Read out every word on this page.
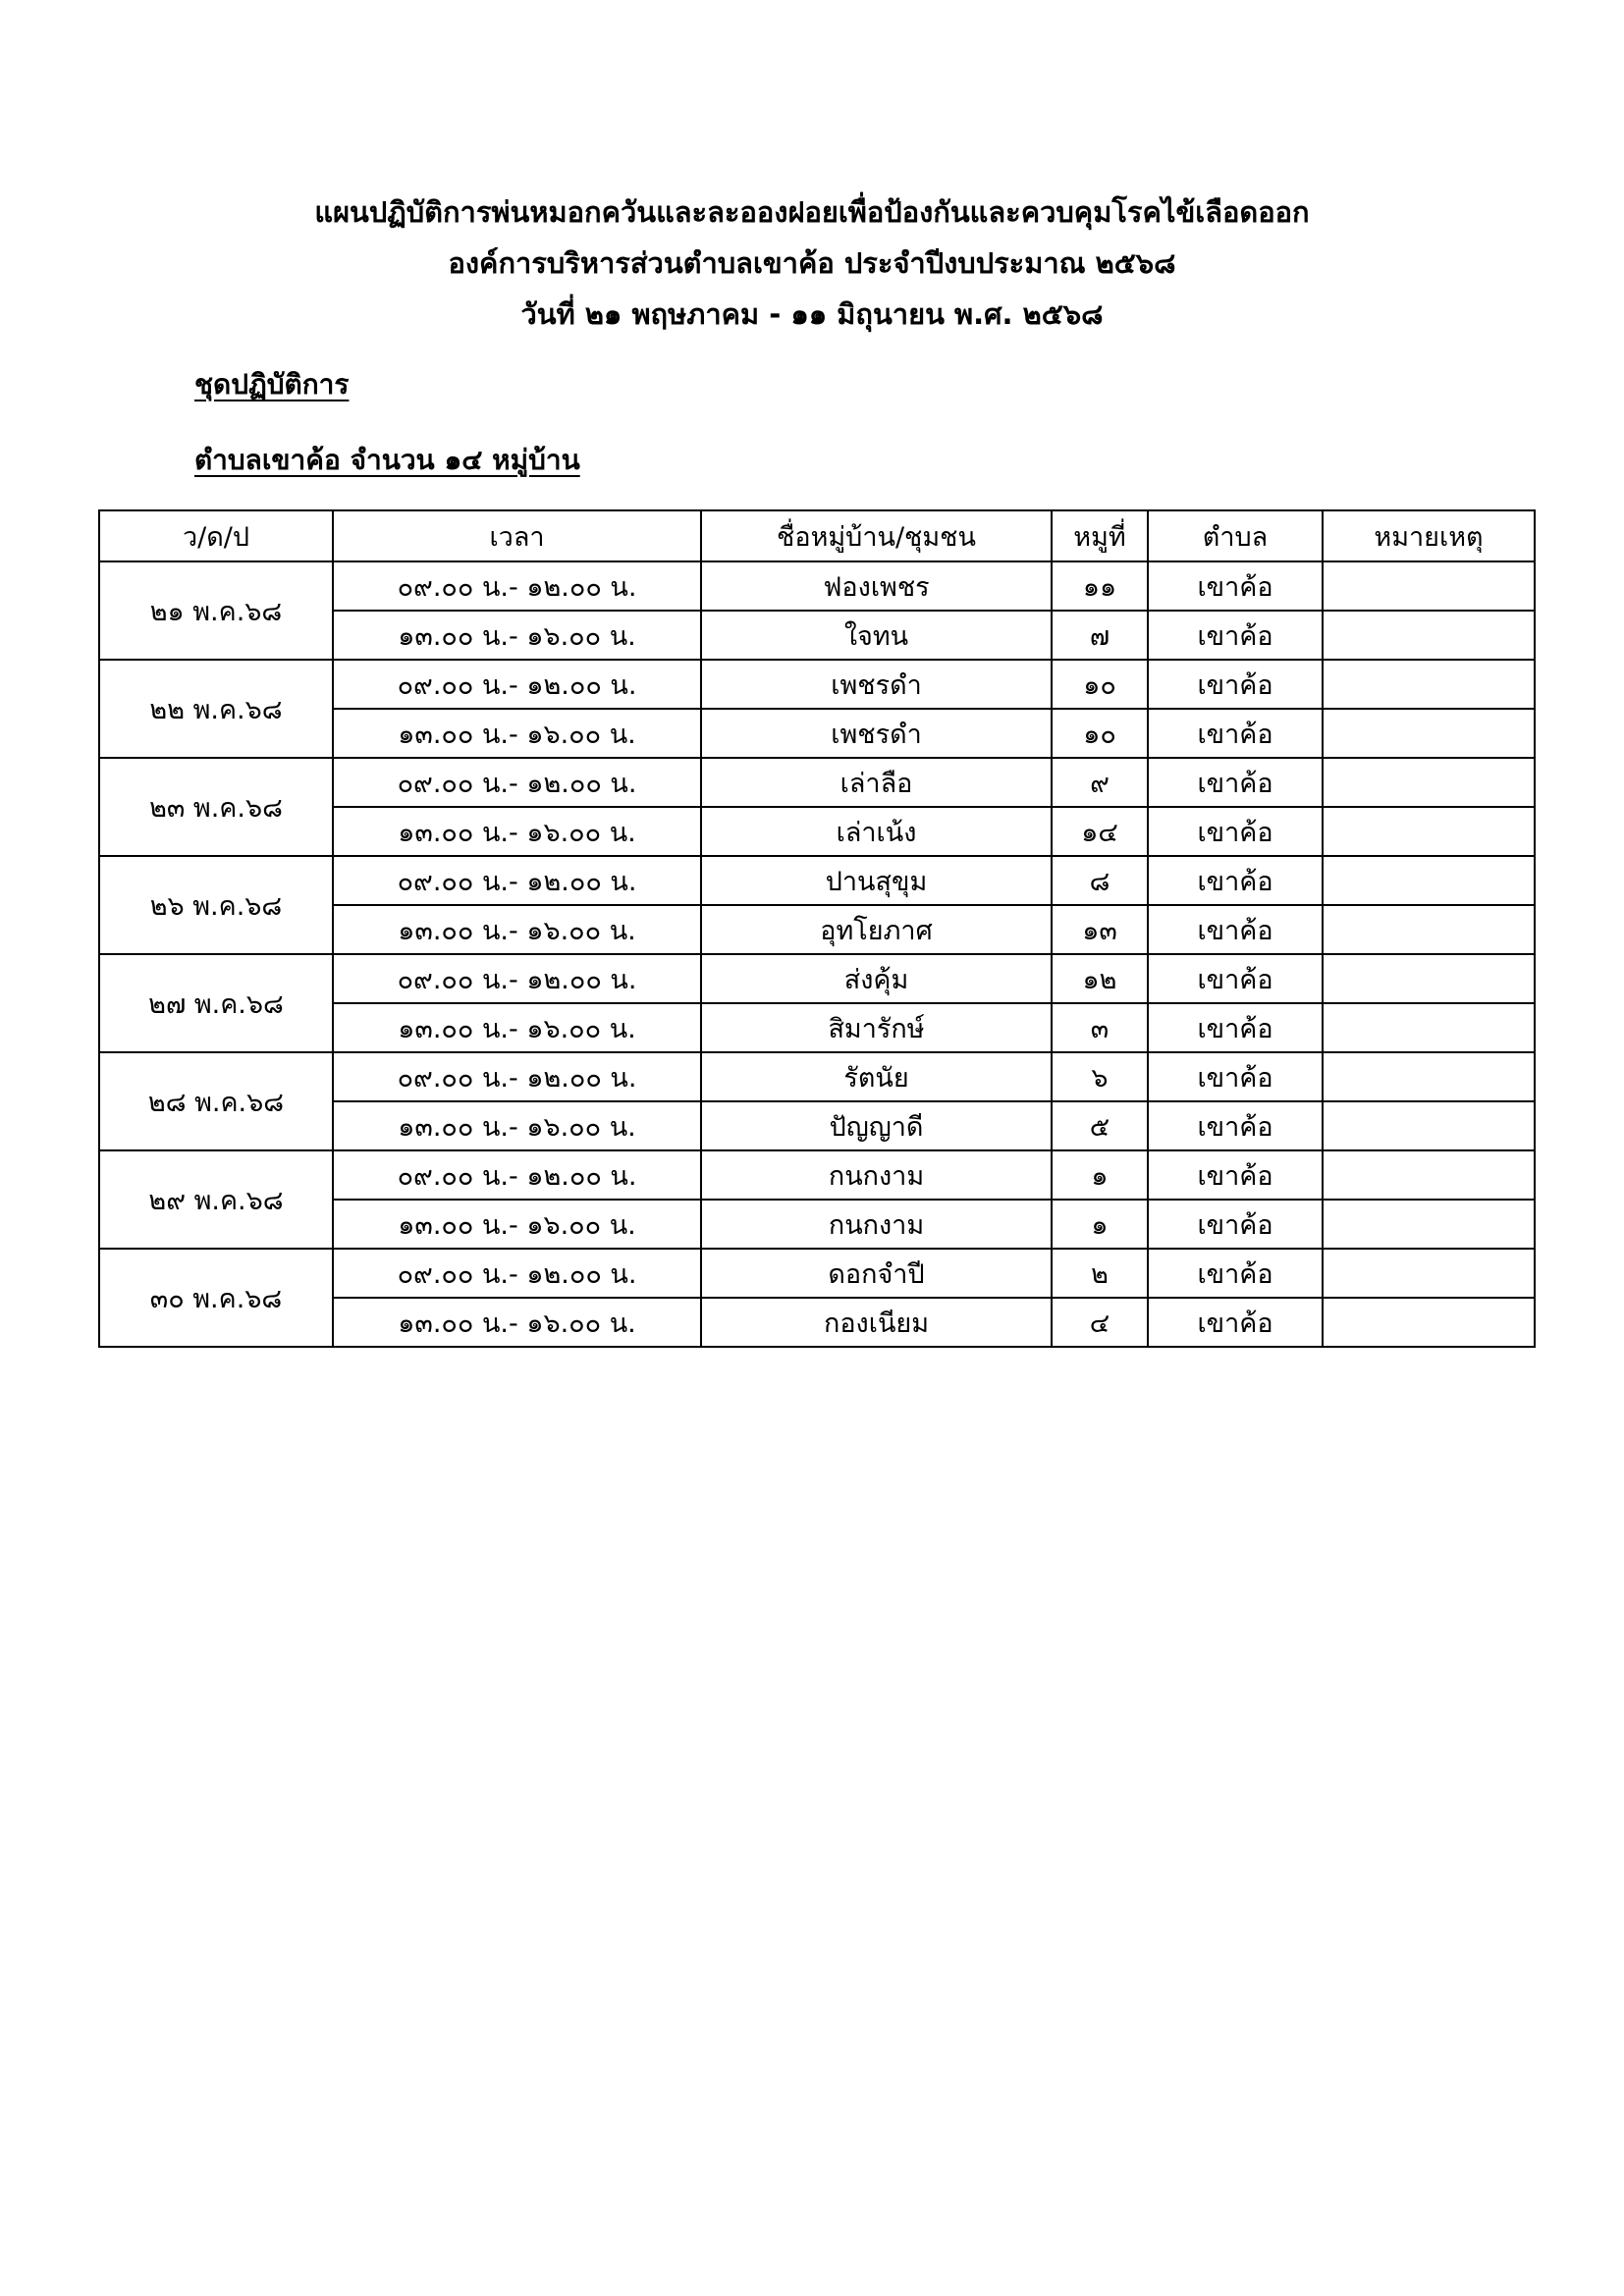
แผนปฏิบัติการพ่นหมอกควันและละอองฝอยเพื่อป้องกันและควบคุมโรคไข้เลือดออก
องค์การบริหารส่วนตำบลเขาค้อ ประจำปีงบประมาณ ๒๕๖๘
วันที่ ๒๑ พฤษภาคม - ๑๑ มิถุนายน พ.ศ. ๒๕๖๘
ชุดปฏิบัติการ
ตำบลเขาค้อ จำนวน ๑๔ หมู่บ้าน
ว/ด/ป	เวลา	ชื่อหมู่บ้าน/ชุมชน	หมูที่	ตำบล	หมายเหตุ
๒๑ พ.ค.๖๘	๐๙.๐๐ น.- ๑๒.๐๐ น.	ฟองเพชร	๑๑	เขาค้อ	
	๑๓.๐๐ น.- ๑๖.๐๐ น.	ใจทน	๗	เขาค้อ	
๒๒ พ.ค.๖๘	๐๙.๐๐ น.- ๑๒.๐๐ น.	เพชรดำ	๑๐	เขาค้อ	
	๑๓.๐๐ น.- ๑๖.๐๐ น.	เพชรดำ	๑๐	เขาค้อ	
๒๓ พ.ค.๖๘	๐๙.๐๐ น.- ๑๒.๐๐ น.	เล่าลือ	๙	เขาค้อ	
	๑๓.๐๐ น.- ๑๖.๐๐ น.	เล่าเน้ง	๑๔	เขาค้อ	
๒๖ พ.ค.๖๘	๐๙.๐๐ น.- ๑๒.๐๐ น.	ปานสุขุม	๘	เขาค้อ	
	๑๓.๐๐ น.- ๑๖.๐๐ น.	อุทโยภาศ	๑๓	เขาค้อ	
๒๗ พ.ค.๖๘	๐๙.๐๐ น.- ๑๒.๐๐ น.	ส่งคุ้ม	๑๒	เขาค้อ	
	๑๓.๐๐ น.- ๑๖.๐๐ น.	สิมารักษ์	๓	เขาค้อ	
๒๘ พ.ค.๖๘	๐๙.๐๐ น.- ๑๒.๐๐ น.	รัตนัย	๖	เขาค้อ	
	๑๓.๐๐ น.- ๑๖.๐๐ น.	ปัญญาดี	๕	เขาค้อ	
๒๙ พ.ค.๖๘	๐๙.๐๐ น.- ๑๒.๐๐ น.	กนกงาม	๑	เขาค้อ	
	๑๓.๐๐ น.- ๑๖.๐๐ น.	กนกงาม	๑	เขาค้อ	
๓๐ พ.ค.๖๘	๐๙.๐๐ น.- ๑๒.๐๐ น.	ดอกจำปี	๒	เขาค้อ	
	๑๓.๐๐ น.- ๑๖.๐๐ น.	กองเนียม	๔	เขาค้อ	
